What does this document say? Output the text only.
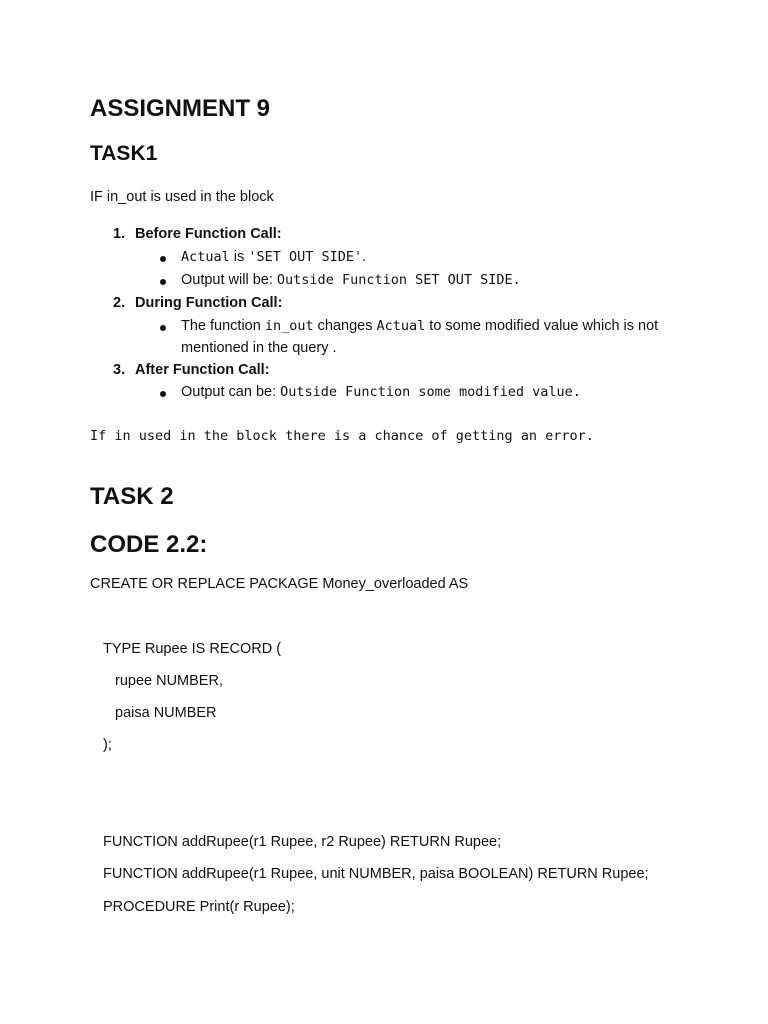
ASSIGNMENT 9
TASK1
IF in_out is used in the block
1. Before Function Call:
Actual is 'SET OUT SIDE'.
Output will be: Outside Function SET OUT SIDE.
2. During Function Call:
The function in_out changes Actual to some modified value which is not
mentioned in the query .
3. After Function Call:
Output can be: Outside Function some modified value.
If in used in the block there is a chance of getting an error.
TASK 2
CODE 2.2:
CREATE OR REPLACE PACKAGE Money_overloaded AS
TYPE Rupee IS RECORD (
rupee NUMBER,
paisa NUMBER
);
FUNCTION addRupee(r1 Rupee, r2 Rupee) RETURN Rupee;
FUNCTION addRupee(r1 Rupee, unit NUMBER, paisa BOOLEAN) RETURN Rupee;
PROCEDURE Print(r Rupee);
